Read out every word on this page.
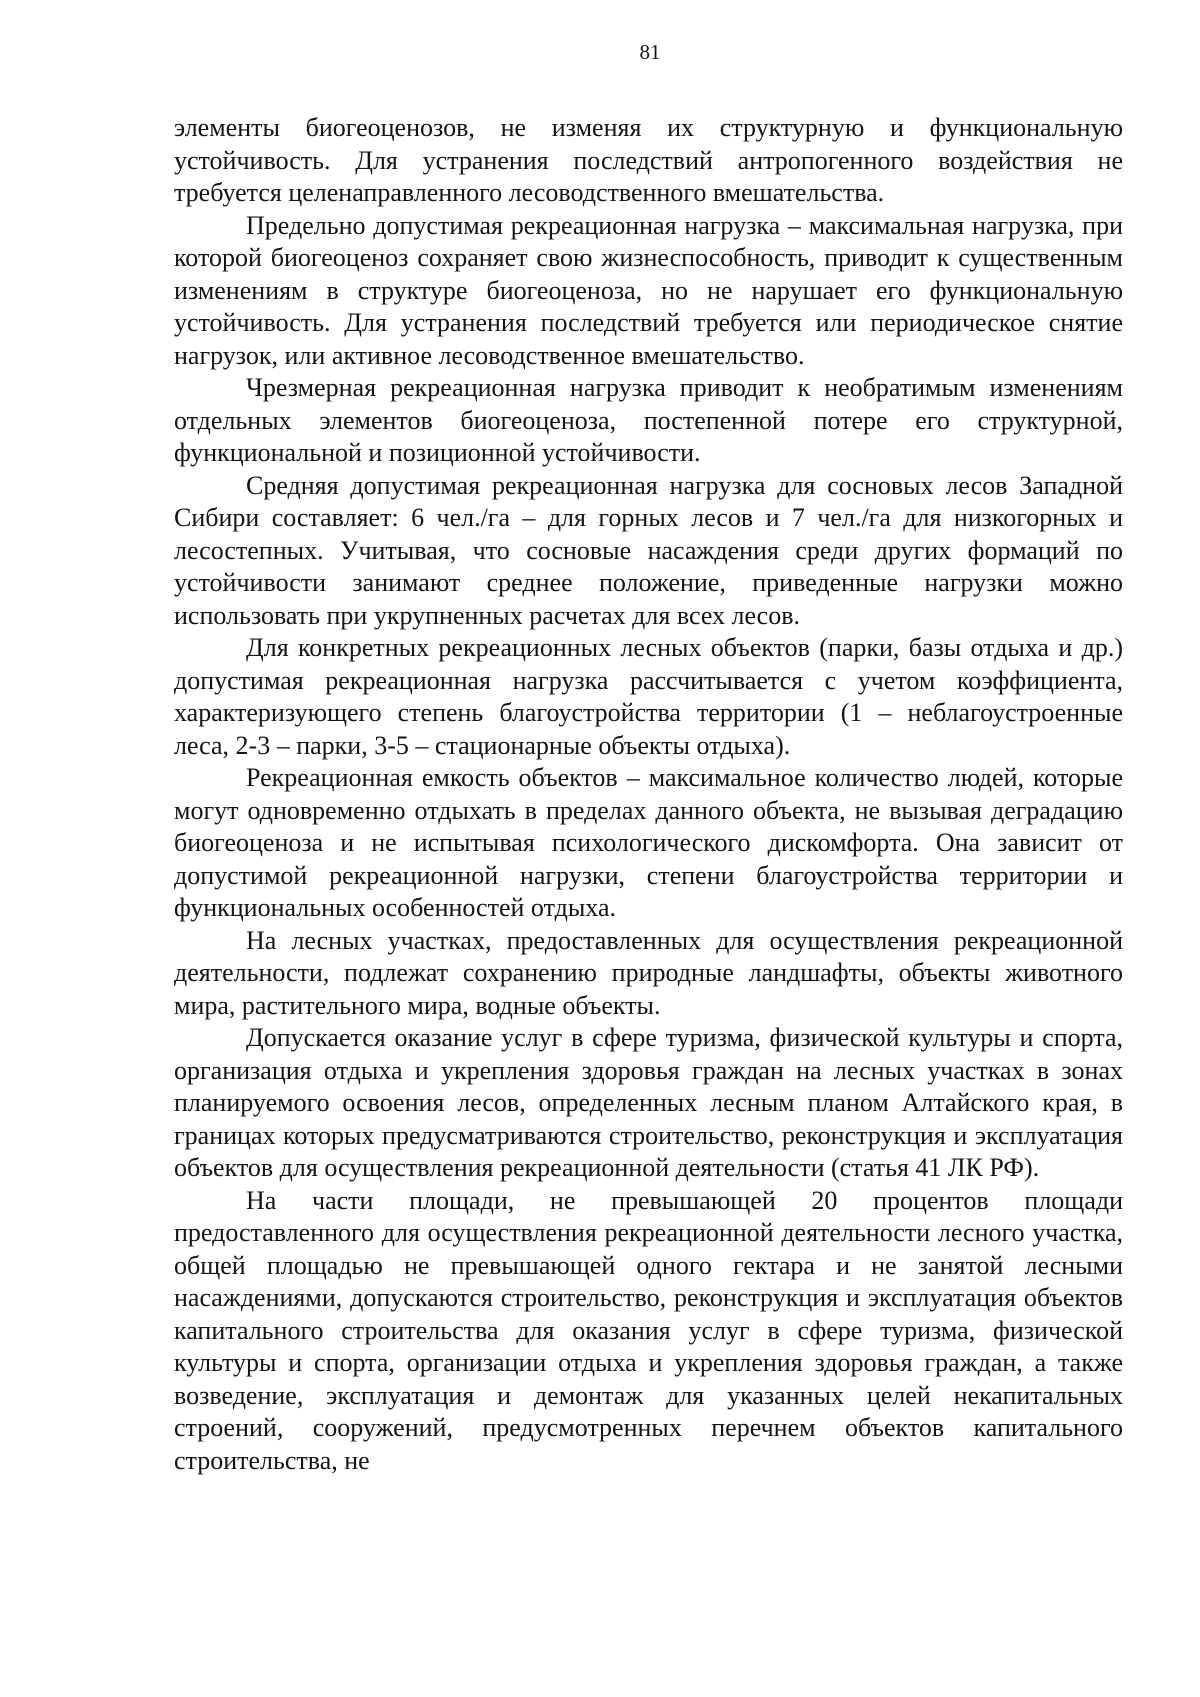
81

элементы биогеоценозов, не изменяя их структурную и функциональную устойчивость. Для устранения последствий антропогенного воздействия не требуется целенаправленного лесоводственного вмешательства.

Предельно допустимая рекреационная нагрузка – максимальная нагрузка, при которой биогеоценоз сохраняет свою жизнеспособность, приводит к существенным изменениям в структуре биогеоценоза, но не нарушает его функциональную устойчивость. Для устранения последствий требуется или периодическое снятие нагрузок, или активное лесоводственное вмешательство.

Чрезмерная рекреационная нагрузка приводит к необратимым изменениям отдельных элементов биогеоценоза, постепенной потере его структурной, функциональной и позиционной устойчивости.

Средняя допустимая рекреационная нагрузка для сосновых лесов Западной Сибири составляет: 6 чел./га – для горных лесов и 7 чел./га для низкогорных и лесостепных. Учитывая, что сосновые насаждения среди других формаций по устойчивости занимают среднее положение, приведенные нагрузки можно использовать при укрупненных расчетах для всех лесов.

Для конкретных рекреационных лесных объектов (парки, базы отдыха и др.) допустимая рекреационная нагрузка рассчитывается с учетом коэффициента, характеризующего степень благоустройства территории (1 – неблагоустроенные леса, 2-3 – парки, 3-5 – стационарные объекты отдыха).

Рекреационная емкость объектов – максимальное количество людей, которые могут одновременно отдыхать в пределах данного объекта, не вызывая деградацию биогеоценоза и не испытывая психологического дискомфорта. Она зависит от допустимой рекреационной нагрузки, степени благоустройства территории и функциональных особенностей отдыха.

На лесных участках, предоставленных для осуществления рекреационной деятельности, подлежат сохранению природные ландшафты, объекты животного мира, растительного мира, водные объекты.

Допускается оказание услуг в сфере туризма, физической культуры и спорта, организация отдыха и укрепления здоровья граждан на лесных участках в зонах планируемого освоения лесов, определенных лесным планом Алтайского края, в границах которых предусматриваются строительство, реконструкция и эксплуатация объектов для осуществления рекреационной деятельности (статья 41 ЛК РФ).

На части площади, не превышающей 20 процентов площади предоставленного для осуществления рекреационной деятельности лесного участка, общей площадью не превышающей одного гектара и не занятой лесными насаждениями, допускаются строительство, реконструкция и эксплуатация объектов капитального строительства для оказания услуг в сфере туризма, физической культуры и спорта, организации отдыха и укрепления здоровья граждан, а также возведение, эксплуатация и демонтаж для указанных целей некапитальных строений, сооружений, предусмотренных перечнем объектов капитального строительства, не
